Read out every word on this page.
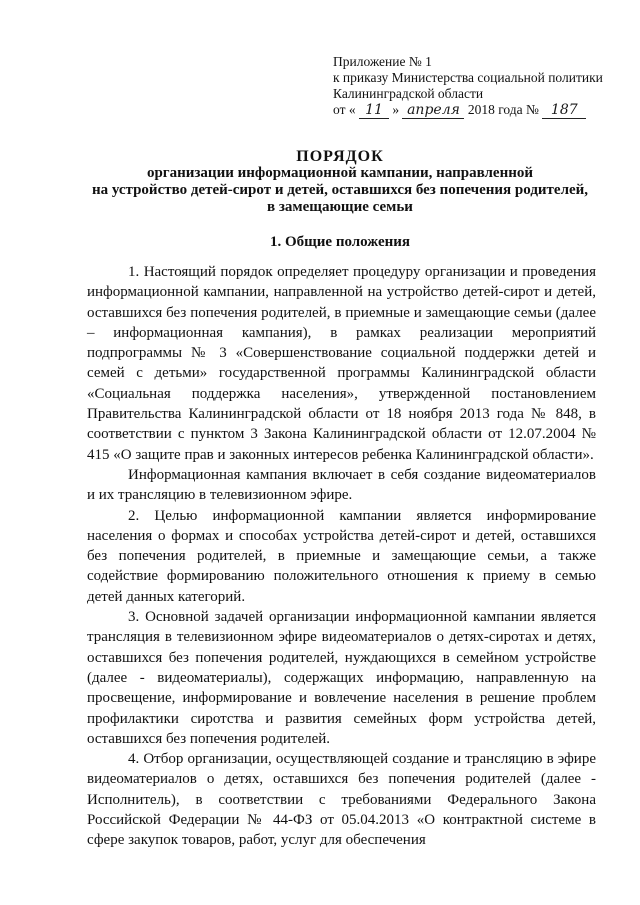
Приложение № 1
к приказу Министерства социальной политики
Калининградской области
от « 11 » апреля 2018 года № 187
ПОРЯДОК
организации информационной кампании, направленной
на устройство детей-сирот и детей, оставшихся без попечения родителей,
в замещающие семьи
1. Общие положения

1. Настоящий порядок определяет процедуру организации и проведения информационной кампании, направленной на устройство детей-сирот и детей, оставшихся без попечения родителей, в приемные и замещающие семьи (далее – информационная кампания), в рамках реализации мероприятий подпрограммы № 3 «Совершенствование социальной поддержки детей и семей с детьми» государственной программы Калининградской области «Социальная поддержка населения», утвержденной постановлением Правительства Калининградской области от 18 ноября 2013 года № 848, в соответствии с пунктом 3 Закона Калининградской области от 12.07.2004 № 415 «О защите прав и законных интересов ребенка Калининградской области».

Информационная кампания включает в себя создание видеоматериалов и их трансляцию в телевизионном эфире.

2. Целью информационной кампании является информирование населения о формах и способах устройства детей-сирот и детей, оставшихся без попечения родителей, в приемные и замещающие семьи, а также содействие формированию положительного отношения к приему в семью детей данных категорий.

3. Основной задачей организации информационной кампании является трансляция в телевизионном эфире видеоматериалов о детях-сиротах и детях, оставшихся без попечения родителей, нуждающихся в семейном устройстве (далее - видеоматериалы), содержащих информацию, направленную на просвещение, информирование и вовлечение населения в решение проблем профилактики сиротства и развития семейных форм устройства детей, оставшихся без попечения родителей.

4. Отбор организации, осуществляющей создание и трансляцию в эфире видеоматериалов о детях, оставшихся без попечения родителей (далее - Исполнитель), в соответствии с требованиями Федерального Закона Российской Федерации № 44-ФЗ от 05.04.2013 «О контрактной системе в сфере закупок товаров, работ, услуг для обеспечения
